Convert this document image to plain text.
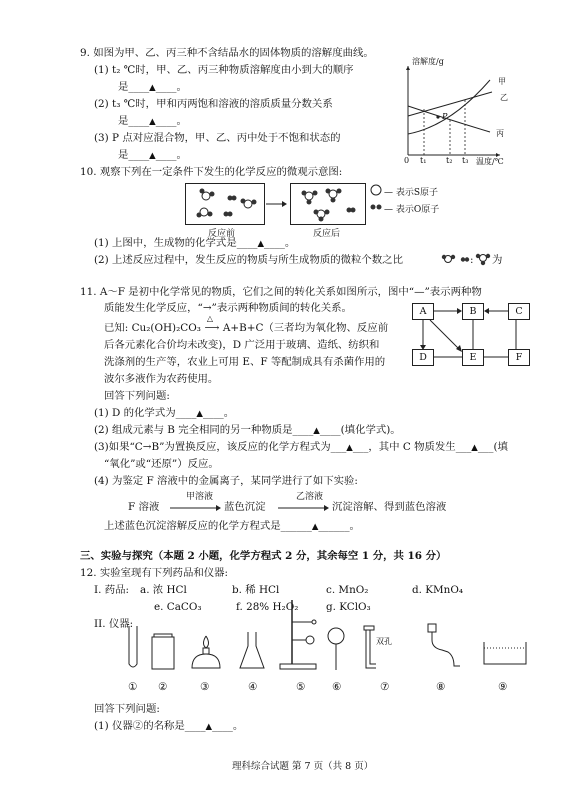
9. 如图为甲、乙、丙三种不含结晶水的固体物质的溶解度曲线。
(1) t₂ ℃时，甲、乙、丙三种物质溶解度由小到大的顺序
是____▲____。
(2) t₃ ℃时，甲和丙两饱和溶液的溶质质量分数关系
是____▲____。
(3) P 点对应混合物，甲、乙、丙中处于不饱和状态的
是____▲____。
溶解度/g
甲
乙
丙
P
0 t₁ t₂ t₃ 温度/℃
10. 观察下列在一定条件下发生的化学反应的微观示意图:
反应前	反应后
— 表示S原子
— 表示O原子
(1) 上图中，生成物的化学式是____▲____。
(2) 上述反应过程中，发生反应的物质与所生成物质的微粒个数之比	: 为
11. A～F 是初中化学常见的物质，它们之间的转化关系如图所示，图中“—”表示两种物
质能发生化学反应，“→”表示两种物质间的转化关系。
已知: Cu₂(OH)₂CO₃
△
⟶ A+B+C（三者均为氧化物、反应前
后各元素化合价均未改变)，D 广泛用于玻璃、造纸、纺织和
洗涤剂的生产等，农业上可用 E、F 等配制成具有杀菌作用的
波尔多液作为农药使用。
回答下列问题:
A	B	C
D	E	F
(1) D 的化学式为____▲____。
(2) 组成元素与 B 完全相同的另一种物质是____▲____(填化学式)。
(3)如果“C→B”为置换反应，该反应的化学方程式为___▲___，其中 C 物质发生___▲___(填
“氧化”或“还原”）反应。
(4) 为鉴定 F 溶液中的金属离子，某同学进行了如下实验:
甲溶液	乙溶液
F 溶液	蓝色沉淀	沉淀溶解、得到蓝色溶液
上述蓝色沉淀溶解反应的化学方程式是______▲______。
三、实验与探究（本题 2 小题，化学方程式 2 分，其余每空 1 分，共 16 分）
12. 实验室现有下列药品和仪器:
I. 药品: a. 浓 HCl	b. 稀 HCl	c. MnO₂	d. KMnO₄
e. CaCO₃	f. 28% H₂O₂	g. KClO₃
II. 仪器:
双孔
① ②	③	④	⑤	⑥	⑦	⑧	⑨
回答下列问题:
(1) 仪器②的名称是____▲____。
理科综合试题 第 7 页（共 8 页）
